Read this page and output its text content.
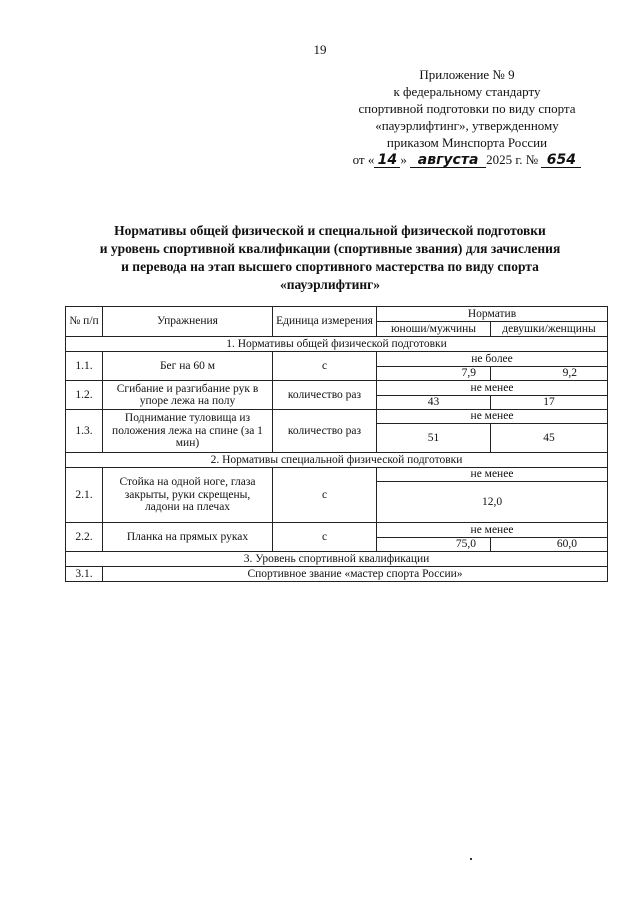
19
Приложение № 9
к федеральному стандарту
спортивной подготовки по виду спорта
«пауэрлифтинг», утвержденному
приказом Минспорта России
от « 14 » августа 2025 г. № 654
Нормативы общей физической и специальной физической подготовки
и уровень спортивной квалификации (спортивные звания) для зачисления
и перевода на этап высшего спортивного мастерства по виду спорта
«пауэрлифтинг»
№ п/п	Упражнения	Единица измерения	Норматив	
			юноши/мужчины	девушки/женщины
1. Нормативы общей физической подготовки				
1.1.	Бег на 60 м	с	не более	
			7,9	9,2
1.2.	Сгибание и разгибание рук в упоре лежа на полу	количество раз	не менее	
			43	17
1.3.	Поднимание туловища из положения лежа на спине (за 1 мин)	количество раз	не менее	
			51	45
2. Нормативы специальной физической подготовки				
2.1.	Стойка на одной ноге, глаза закрыты, руки скрещены, ладони на плечах	с	не менее	
			12,0	
2.2.	Планка на прямых руках	с	не менее	
			75,0	60,0
3. Уровень спортивной квалификации				
3.1.	Спортивное звание «мастер спорта России»			
